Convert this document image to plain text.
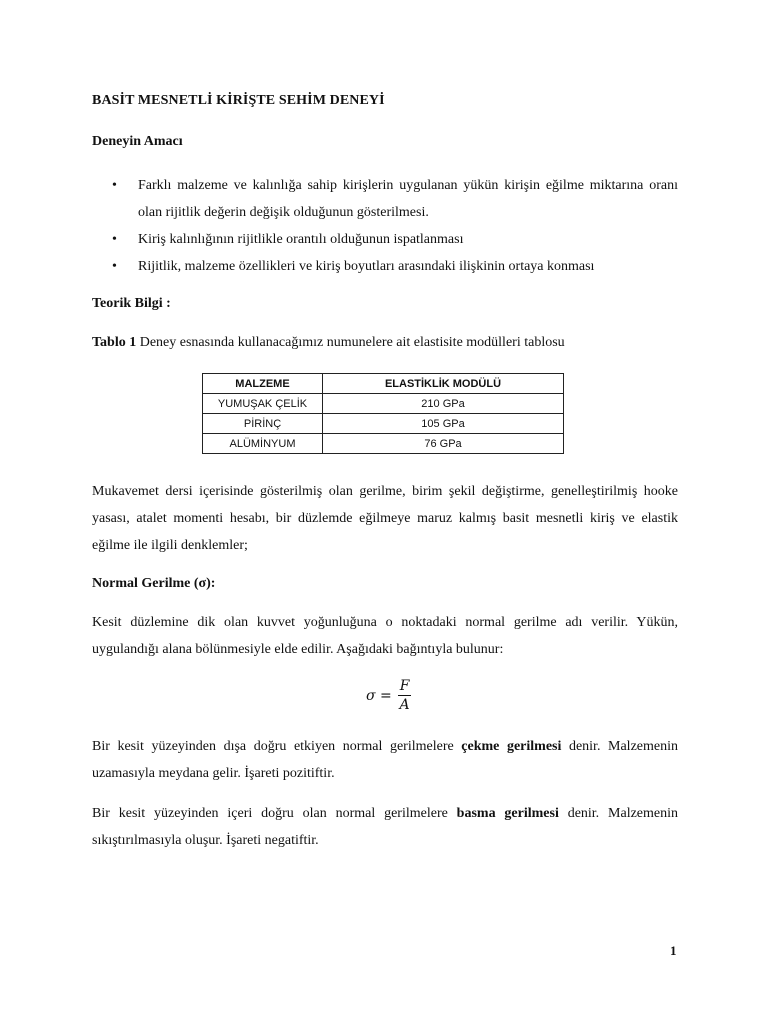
BASİT MESNETLİ KİRİŞTE SEHİM DENEYİ
Deneyin Amacı
• Farklı malzeme ve kalınlığa sahip kirişlerin uygulanan yükün kirişin eğilme miktarına oranı olan rijitlik değerin değişik olduğunun gösterilmesi.
• Kiriş kalınlığının rijitlikle orantılı olduğunun ispatlanması
• Rijitlik, malzeme özellikleri ve kiriş boyutları arasındaki ilişkinin ortaya konması
Teorik Bilgi :
Tablo 1 Deney esnasında kullanacağımız numunelere ait elastisite modülleri tablosu
MALZEME	ELASTİKLİK MODÜLÜ
YUMUŞAK ÇELİK	210 GPa
PİRİNÇ	105 GPa
ALÜMİNYUM	76 GPa

Mukavemet dersi içerisinde gösterilmiş olan gerilme, birim şekil değiştirme, genelleştirilmiş hooke yasası, atalet momenti hesabı, bir düzlemde eğilmeye maruz kalmış basit mesnetli kiriş ve elastik eğilme ile ilgili denklemler;

Normal Gerilme (σ):

Kesit düzlemine dik olan kuvvet yoğunluğuna o noktadaki normal gerilme adı verilir. Yükün, uygulandığı alana bölünmesiyle elde edilir. Aşağıdaki bağıntıyla bulunur:

$\sigma = \frac{F}{A}$

Bir kesit yüzeyinden dışa doğru etkiyen normal gerilmelere çekme gerilmesi denir. Malzemenin uzamasıyla meydana gelir. İşareti pozitiftir.

Bir kesit yüzeyinden içeri doğru olan normal gerilmelere basma gerilmesi denir. Malzemenin sıkıştırılmasıyla oluşur. İşareti negatiftir.

1
